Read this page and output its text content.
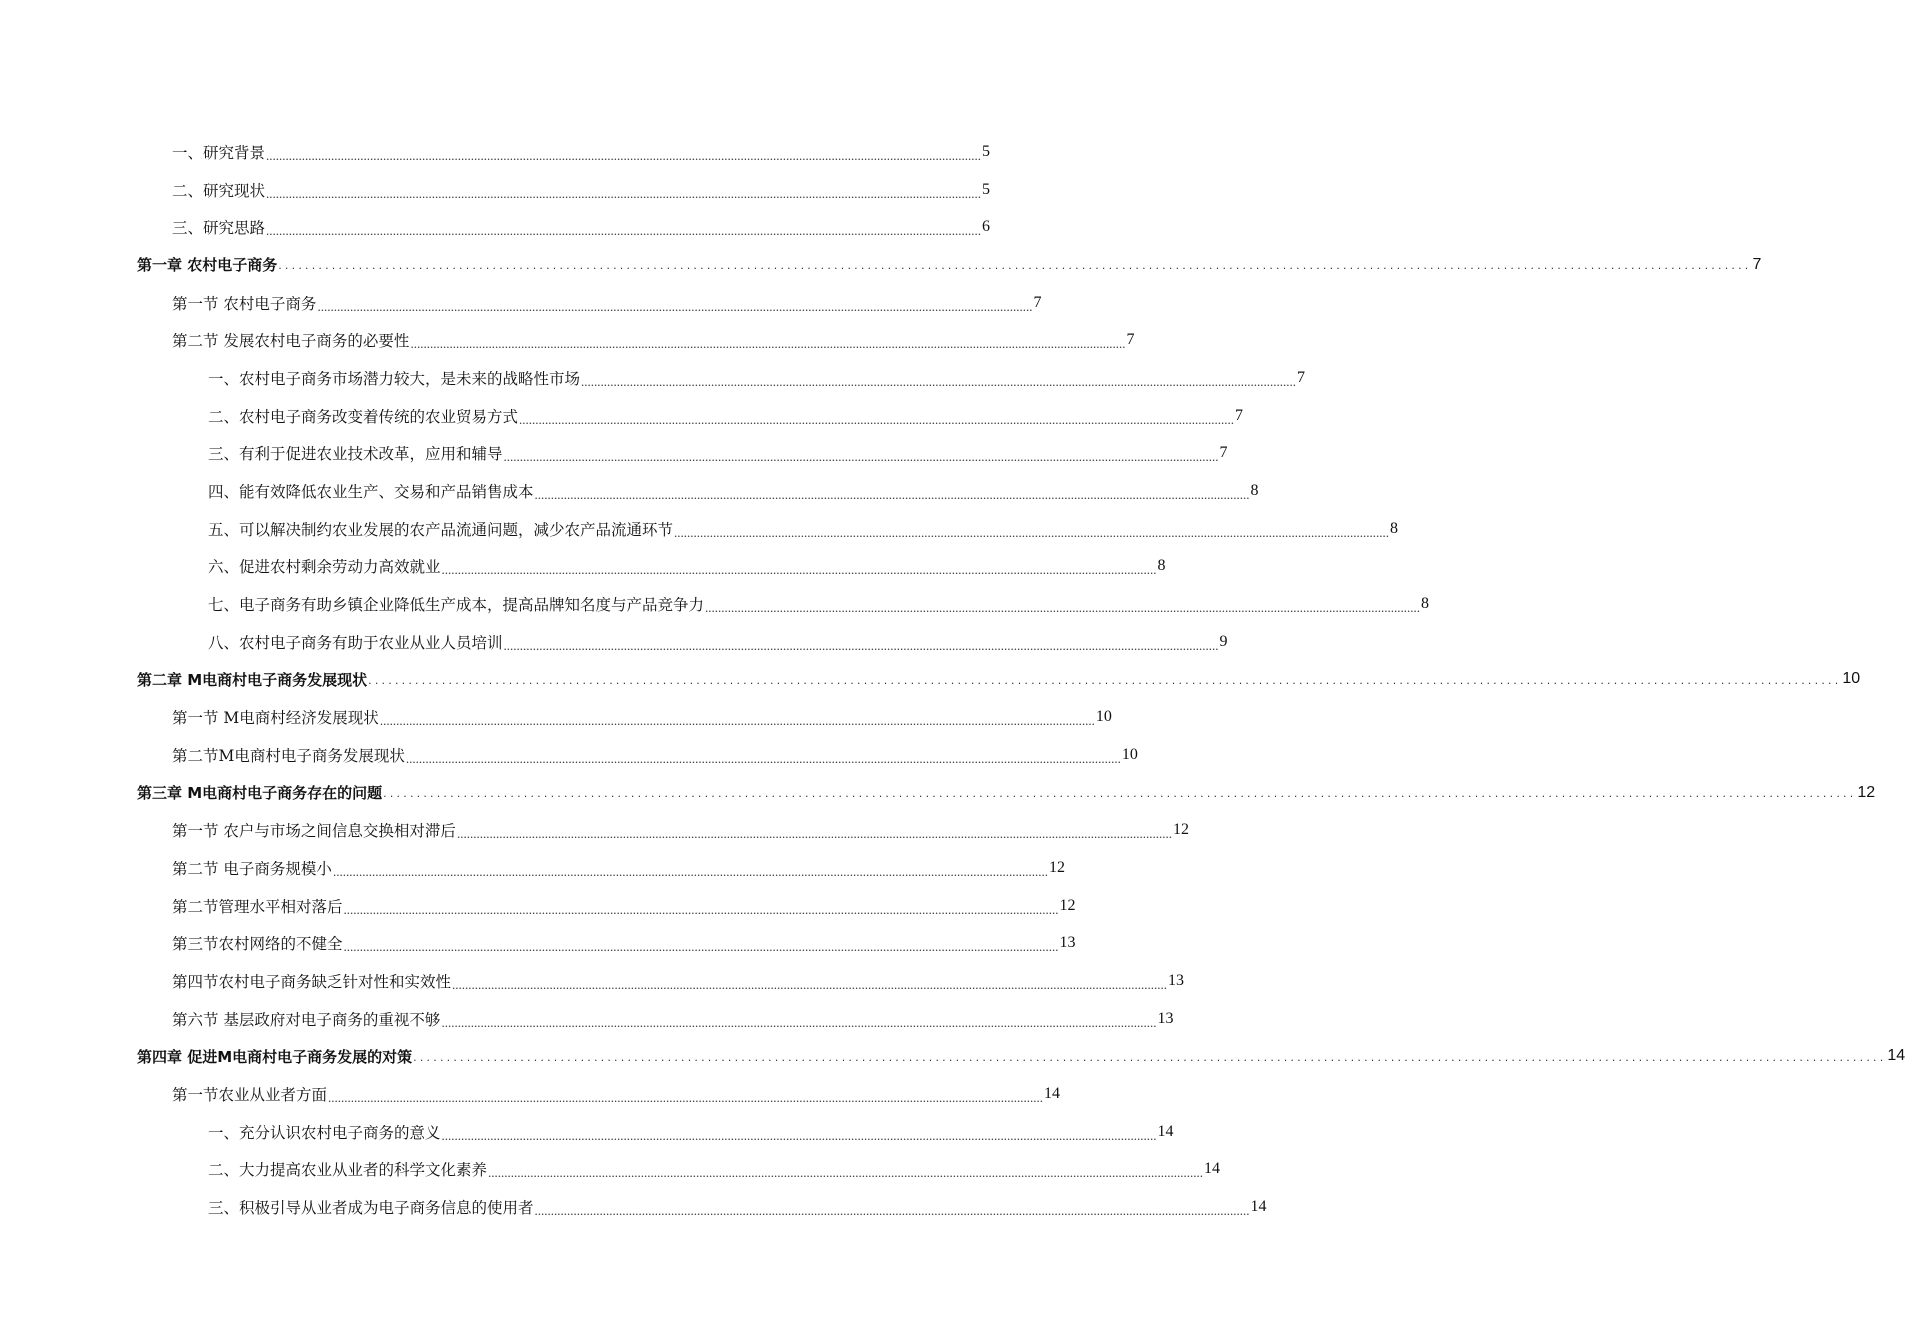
一、研究背景 ............................................................................................................................................................................................................................ 5
二、研究现状 ............................................................................................................................................................................................................................ 5
三、研究思路 ............................................................................................................................................................................................................................ 6
第一章 农村电子商务 ............................................................................................................................................................................................................................ 7
第一节 农村电子商务 ............................................................................................................................................................................................................................ 7
第二节 发展农村电子商务的必要性 ............................................................................................................................................................................................................................ 7
一、农村电子商务市场潜力较大，是未来的战略性市场 ............................................................................................................................................................................................................................ 7
二、农村电子商务改变着传统的农业贸易方式 ............................................................................................................................................................................................................................ 7
三、有利于促进农业技术改革，应用和辅导 ............................................................................................................................................................................................................................ 7
四、能有效降低农业生产、交易和产品销售成本 ............................................................................................................................................................................................................................ 8
五、可以解决制约农业发展的农产品流通问题，减少农产品流通环节 ............................................................................................................................................................................................................................ 8
六、促进农村剩余劳动力高效就业 ............................................................................................................................................................................................................................ 8
七、电子商务有助乡镇企业降低生产成本，提高品牌知名度与产品竞争力 ............................................................................................................................................................................................................................ 8
八、农村电子商务有助于农业从业人员培训 ............................................................................................................................................................................................................................ 9
第二章 M电商村电子商务发展现状 ............................................................................................................................................................................................................................ 10
第一节 M电商村经济发展现状 ............................................................................................................................................................................................................................ 10
第二节M电商村电子商务发展现状 ............................................................................................................................................................................................................................ 10
第三章 M电商村电子商务存在的问题 ............................................................................................................................................................................................................................ 12
第一节 农户与市场之间信息交换相对滞后 ............................................................................................................................................................................................................................ 12
第二节 电子商务规模小 ............................................................................................................................................................................................................................ 12
第二节管理水平相对落后 ............................................................................................................................................................................................................................ 12
第三节农村网络的不健全 ............................................................................................................................................................................................................................ 13
第四节农村电子商务缺乏针对性和实效性 ............................................................................................................................................................................................................................ 13
第六节 基层政府对电子商务的重视不够 ............................................................................................................................................................................................................................ 13
第四章 促进M电商村电子商务发展的对策 ............................................................................................................................................................................................................................ 14
第一节农业从业者方面 ............................................................................................................................................................................................................................ 14
一、充分认识农村电子商务的意义 ............................................................................................................................................................................................................................ 14
二、大力提高农业从业者的科学文化素养 ............................................................................................................................................................................................................................ 14
三、积极引导从业者成为电子商务信息的使用者 ............................................................................................................................................................................................................................ 14
